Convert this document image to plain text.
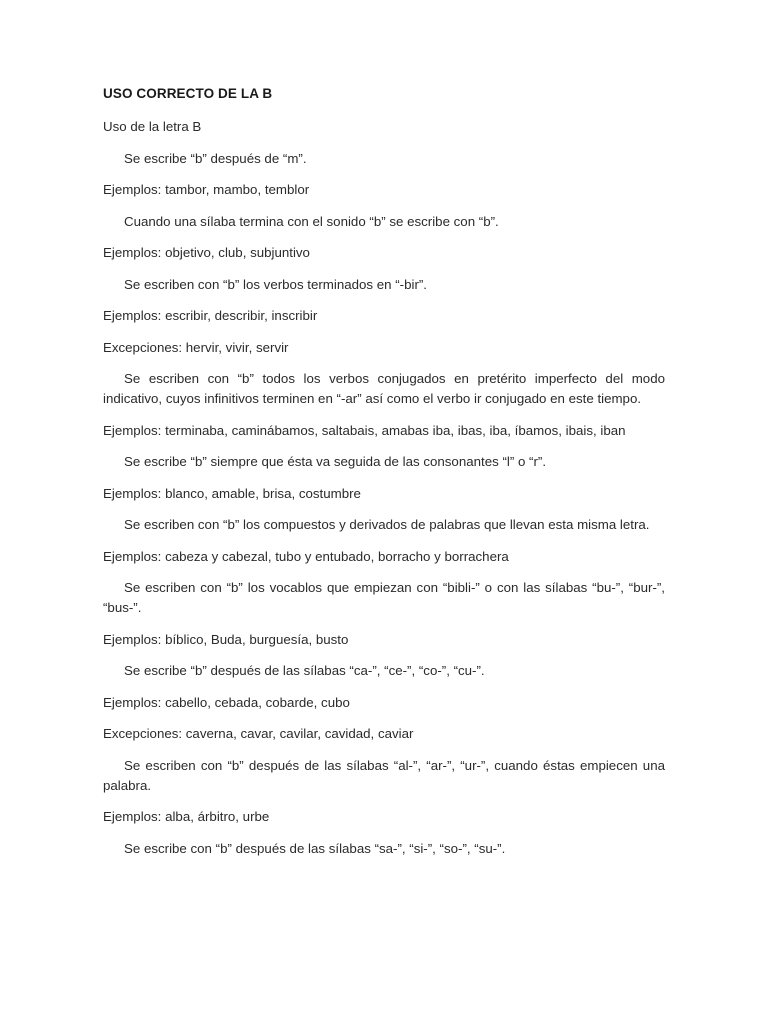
USO CORRECTO DE LA B

Uso de la letra B

Se escribe “b” después de “m”.

Ejemplos: tambor, mambo, temblor

Cuando una sílaba termina con el sonido “b” se escribe con “b”.

Ejemplos: objetivo, club, subjuntivo

Se escriben con “b” los verbos terminados en “-bir”.

Ejemplos: escribir, describir, inscribir

Excepciones: hervir, vivir, servir

Se escriben con “b” todos los verbos conjugados en pretérito imperfecto del modo indicativo, cuyos infinitivos terminen en “-ar” así como el verbo ir conjugado en este tiempo.

Ejemplos: terminaba, caminábamos, saltabais, amabas iba, ibas, iba, íbamos, ibais, iban

Se escribe “b” siempre que ésta va seguida de las consonantes “l” o “r”.

Ejemplos: blanco, amable, brisa, costumbre

Se escriben con “b” los compuestos y derivados de palabras que llevan esta misma letra.

Ejemplos: cabeza y cabezal, tubo y entubado, borracho y borrachera

Se escriben con “b” los vocablos que empiezan con “bibli-” o con las sílabas “bu-”, “bur-”, “bus-”.

Ejemplos: bíblico, Buda, burguesía, busto

Se escribe “b” después de las sílabas “ca-”, “ce-”, “co-”, “cu-”.

Ejemplos: cabello, cebada, cobarde, cubo

Excepciones: caverna, cavar, cavilar, cavidad, caviar

Se escriben con “b” después de las sílabas “al-”, “ar-”, “ur-”, cuando éstas empiecen una palabra.

Ejemplos: alba, árbitro, urbe

Se escribe con “b” después de las sílabas “sa-”, “si-”, “so-”, “su-”.
